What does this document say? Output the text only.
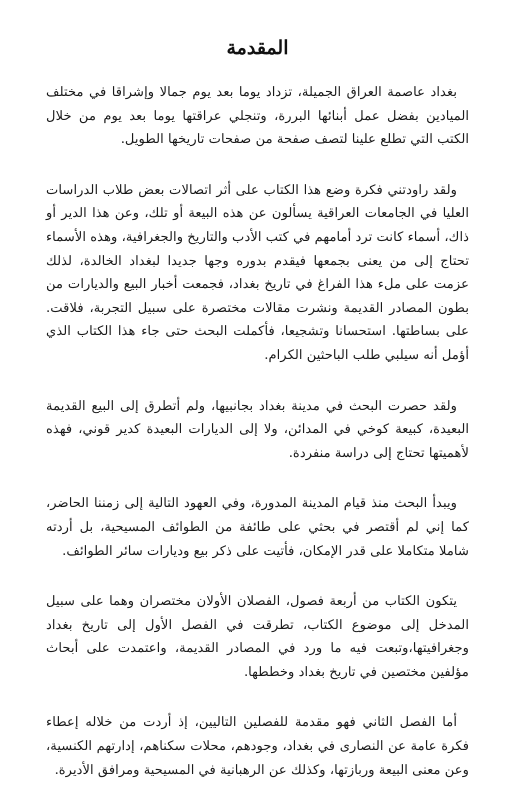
المقدمة

بغداد عاصمة العراق الجميلة، تزداد يوما بعد يوم جمالا وإشراقا في مختلف الميادين بفضل عمل أبنائها البررة، وتنجلي عراقتها يوما بعد يوم من خلال الكتب التي تطلع علينا لتصف صفحة من صفحات تاريخها الطويل.

ولقد راودتني فكرة وضع هذا الكتاب على أثر اتصالات بعض طلاب الدراسات العليا في الجامعات العراقية يسألون عن هذه البيعة أو تلك، وعن هذا الدير أو ذاك، أسماء كانت ترد أمامهم في كتب الأدب والتاريخ والجغرافية، وهذه الأسماء تحتاج إلى من يعنى بجمعها فيقدم بدوره وجها جديدا لبغداد الخالدة، لذلك عزمت على ملء هذا الفراغ في تاريخ بغداد، فجمعت أخبار البيع والديارات من بطون المصادر القديمة ونشرت مقالات مختصرة على سبيل التجربة، فلاقت. على بساطتها. استحسانا وتشجيعا، فأكملت البحث حتى جاء هذا الكتاب الذي أؤمل أنه سيلبي طلب الباحثين الكرام.

ولقد حصرت البحث في مدينة بغداد بجانبيها، ولم أتطرق إلى البيع القديمة البعيدة، كبيعة كوخي في المدائن، ولا إلى الديارات البعيدة كدير قوني، فهذه لأهميتها تحتاج إلى دراسة منفردة.

ويبدأ البحث منذ قيام المدينة المدورة، وفي العهود التالية إلى زمننا الحاضر، كما إني لم أقتصر في بحثي على طائفة من الطوائف المسيحية، بل أردته شاملا متكاملا على قدر الإمكان، فأتيت على ذكر بيع وديارات سائر الطوائف.

يتكون الكتاب من أربعة فصول، الفصلان الأولان مختصران وهما على سبيل المدخل إلى موضوع الكتاب، تطرقت في الفصل الأول إلى تاريخ بغداد وجغرافيتها،وتبعت فيه ما ورد في المصادر القديمة، واعتمدت على أبحاث مؤلفين مختصين في تاريخ بغداد وخططها.

أما الفصل الثاني فهو مقدمة للفصلين التاليين، إذ أردت من خلاله إعطاء فكرة عامة عن النصارى في بغداد، وجودهم، محلات سكناهم، إدارتهم الكنسية، وعن معنى البيعة وربازتها، وكذلك عن الرهبانية في المسيحية ومرافق الأديرة.
